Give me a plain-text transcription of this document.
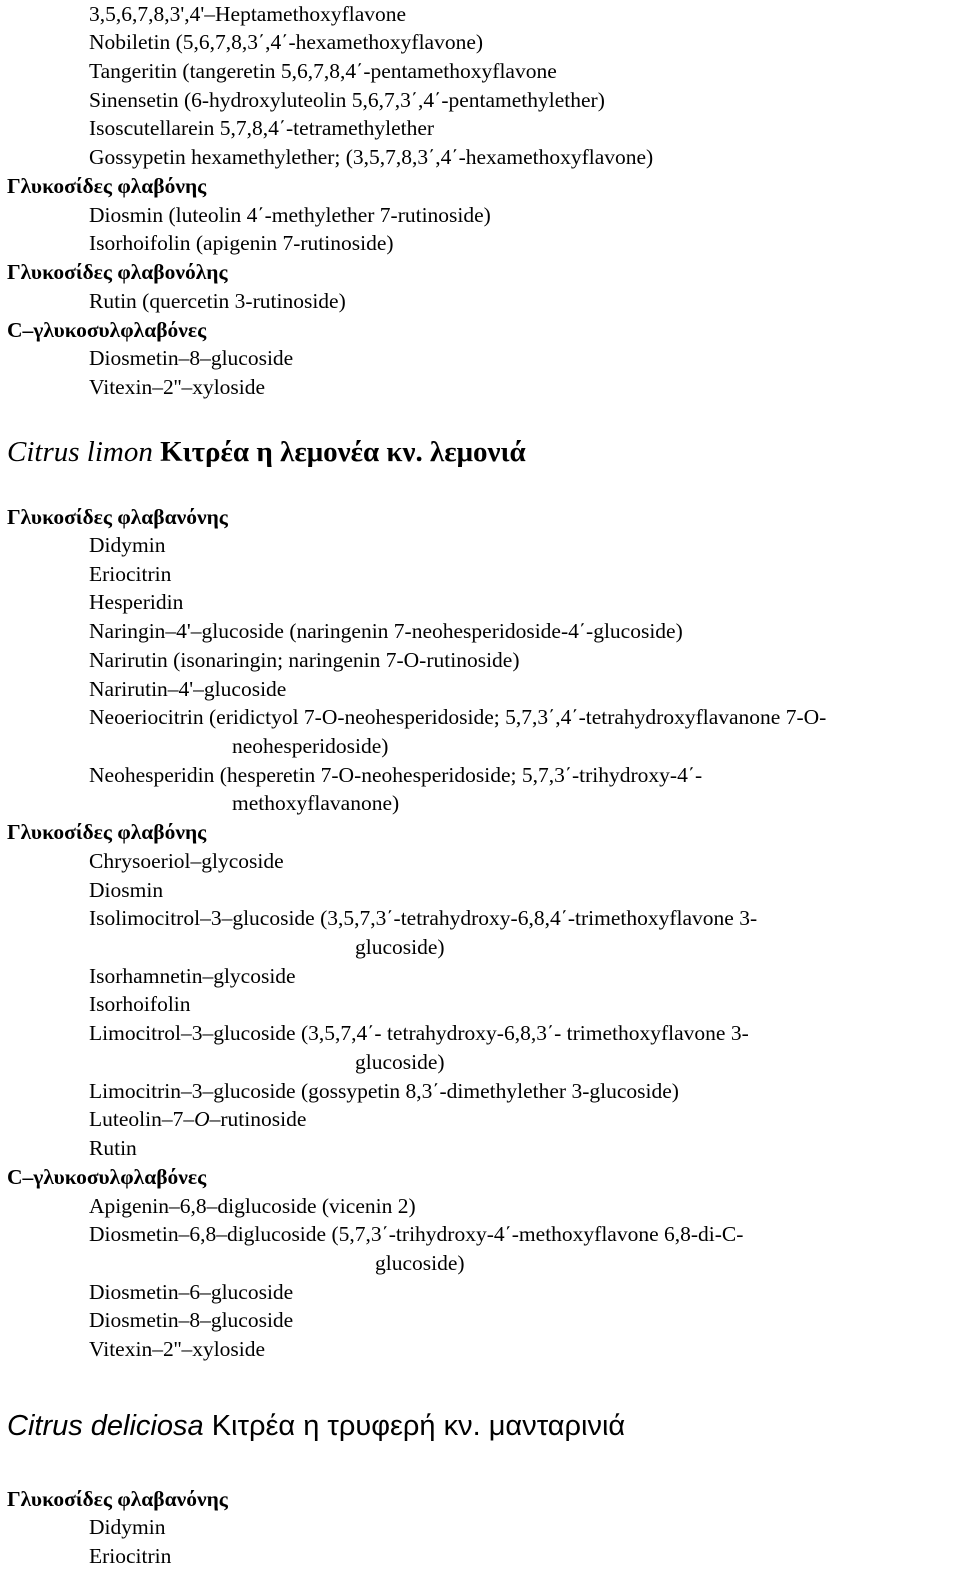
3,5,6,7,8,3',4'–Heptamethoxyflavone
Nobiletin (5,6,7,8,3΄,4΄-hexamethoxyflavone)
Tangeritin (tangeretin 5,6,7,8,4΄-pentamethoxyflavone
Sinensetin (6-hydroxyluteolin 5,6,7,3΄,4΄-pentamethylether)
Isoscutellarein 5,7,8,4΄-tetramethylether
Gossypetin hexamethylether; (3,5,7,8,3΄,4΄-hexamethoxyflavone)
Γλυκοσίδες φλαβόνης
Diosmin (luteolin 4΄-methylether 7-rutinoside)
Isorhoifolin (apigenin 7-rutinoside)
Γλυκοσίδες φλαβονόλης
Rutin (quercetin 3-rutinoside)
C–γλυκοσυλφλαβόνες
Diosmetin–8–glucoside
Vitexin–2''–xyloside
Citrus limon Κιτρέα η λεμονέα κν. λεμονιά
Γλυκοσίδες φλαβανόνης
Didymin
Eriocitrin
Hesperidin
Naringin–4'–glucoside (naringenin 7-neohesperidoside-4΄-glucoside)
Narirutin (isonaringin; naringenin 7-O-rutinoside)
Narirutin–4'–glucoside
Neoeriocitrin (eridictyol 7-O-neohesperidoside; 5,7,3΄,4΄-tetrahydroxyflavanone 7-O-
neohesperidoside)
Neohesperidin (hesperetin 7-O-neohesperidoside; 5,7,3΄-trihydroxy-4΄-
methoxyflavanone)
Γλυκοσίδες φλαβόνης
Chrysoeriol–glycoside
Diosmin
Isolimocitrol–3–glucoside (3,5,7,3΄-tetrahydroxy-6,8,4΄-trimethoxyflavone 3-
glucoside)
Isorhamnetin–glycoside
Isorhoifolin
Limocitrol–3–glucoside (3,5,7,4΄- tetrahydroxy-6,8,3΄- trimethoxyflavone 3-
glucoside)
Limocitrin–3–glucoside (gossypetin 8,3΄-dimethylether 3-glucoside)
Luteolin–7–O–rutinoside
Rutin
C–γλυκοσυλφλαβόνες
Apigenin–6,8–diglucoside (vicenin 2)
Diosmetin–6,8–diglucoside (5,7,3΄-trihydroxy-4΄-methoxyflavone 6,8-di-C-
glucoside)
Diosmetin–6–glucoside
Diosmetin–8–glucoside
Vitexin–2''–xyloside
Citrus deliciosa Κιτρέα η τρυφερή κν. μανταρινιά
Γλυκοσίδες φλαβανόνης
Didymin
Eriocitrin
